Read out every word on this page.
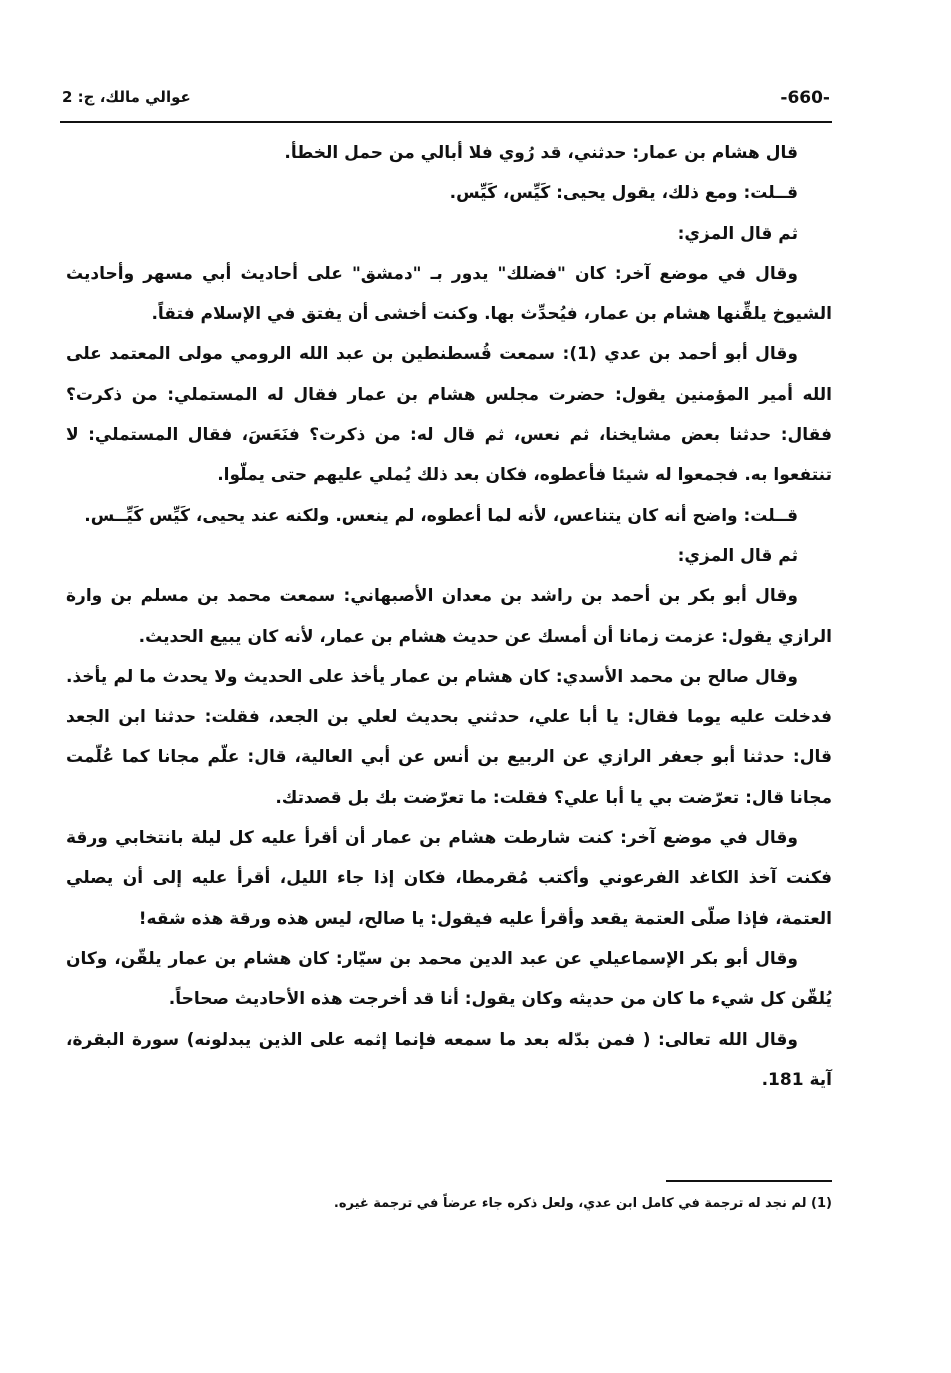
-660-
عوالي مالك، ج: 2

قال هشام بن عمار: حدثني، قد رُوي فلا أبالي من حمل الخطأ.

قــلت: ومع ذلك، يقول يحيى: كَيِّس، كَيِّس.

ثم قال المزي:

وقال في موضع آخر: كان "فضلك" يدور بـ "دمشق" على أحاديث أبي مسهر وأحاديث الشيوخ يلقِّنها هشام بن عمار، فيُحدِّث بها. وكنت أخشى أن يفتق في الإسلام فتقاً.

وقال أبو أحمد بن عدي (1): سمعت قُسطنطين بن عبد الله الرومي مولى المعتمد على الله أمير المؤمنين يقول: حضرت مجلس هشام بن عمار فقال له المستملي: من ذكرت؟ فقال: حدثنا بعض مشايخنا، ثم نعس، ثم قال له: من ذكرت؟ فنَعَسَ، فقال المستملي: لا تنتفعوا به. فجمعوا له شيئا فأعطوه، فكان بعد ذلك يُملي عليهم حتى يملّوا.

قــلت: واضح أنه كان يتناعس، لأنه لما أعطوه، لم ينعس. ولكنه عند يحيى، كَيِّس كَيِّــس.

ثم قال المزي:

وقال أبو بكر بن أحمد بن راشد بن معدان الأصبهاني: سمعت محمد بن مسلم بن وارة الرازي يقول: عزمت زمانا أن أمسك عن حديث هشام بن عمار، لأنه كان يبيع الحديث.

وقال صالح بن محمد الأسدي: كان هشام بن عمار يأخذ على الحديث ولا يحدث ما لم يأخذ. فدخلت عليه يوما فقال: يا أبا علي، حدثني بحديث لعلي بن الجعد، فقلت: حدثنا ابن الجعد قال: حدثنا أبو جعفر الرازي عن الربيع بن أنس عن أبي العالية، قال: علّم مجانا كما عُلّمت مجانا قال: تعرّضت بي يا أبا علي؟ فقلت: ما تعرّضت بك بل قصدتك.

وقال في موضع آخر: كنت شارطت هشام بن عمار أن أقرأ عليه كل ليلة بانتخابي ورقة فكنت آخذ الكاغد الفرعوني وأكتب مُقرمطا، فكان إذا جاء الليل، أقرأ عليه إلى أن يصلي العتمة، فإذا صلّى العتمة يقعد وأقرأ عليه فيقول: يا صالح، ليس هذه ورقة هذه شقه!

وقال أبو بكر الإسماعيلي عن عبد الدين محمد بن سيّار: كان هشام بن عمار يلقّن، وكان يُلقّن كل شيء ما كان من حديثه وكان يقول: أنا قد أخرجت هذه الأحاديث صحاحاً.

وقال الله تعالى: ( فمن بدّله بعد ما سمعه فإنما إثمه على الذين يبدلونه) سورة البقرة، آية 181.

(1) لم نجد له ترجمة في كامل ابن عدي، ولعل ذكره جاء عرضاً في ترجمة غيره.
